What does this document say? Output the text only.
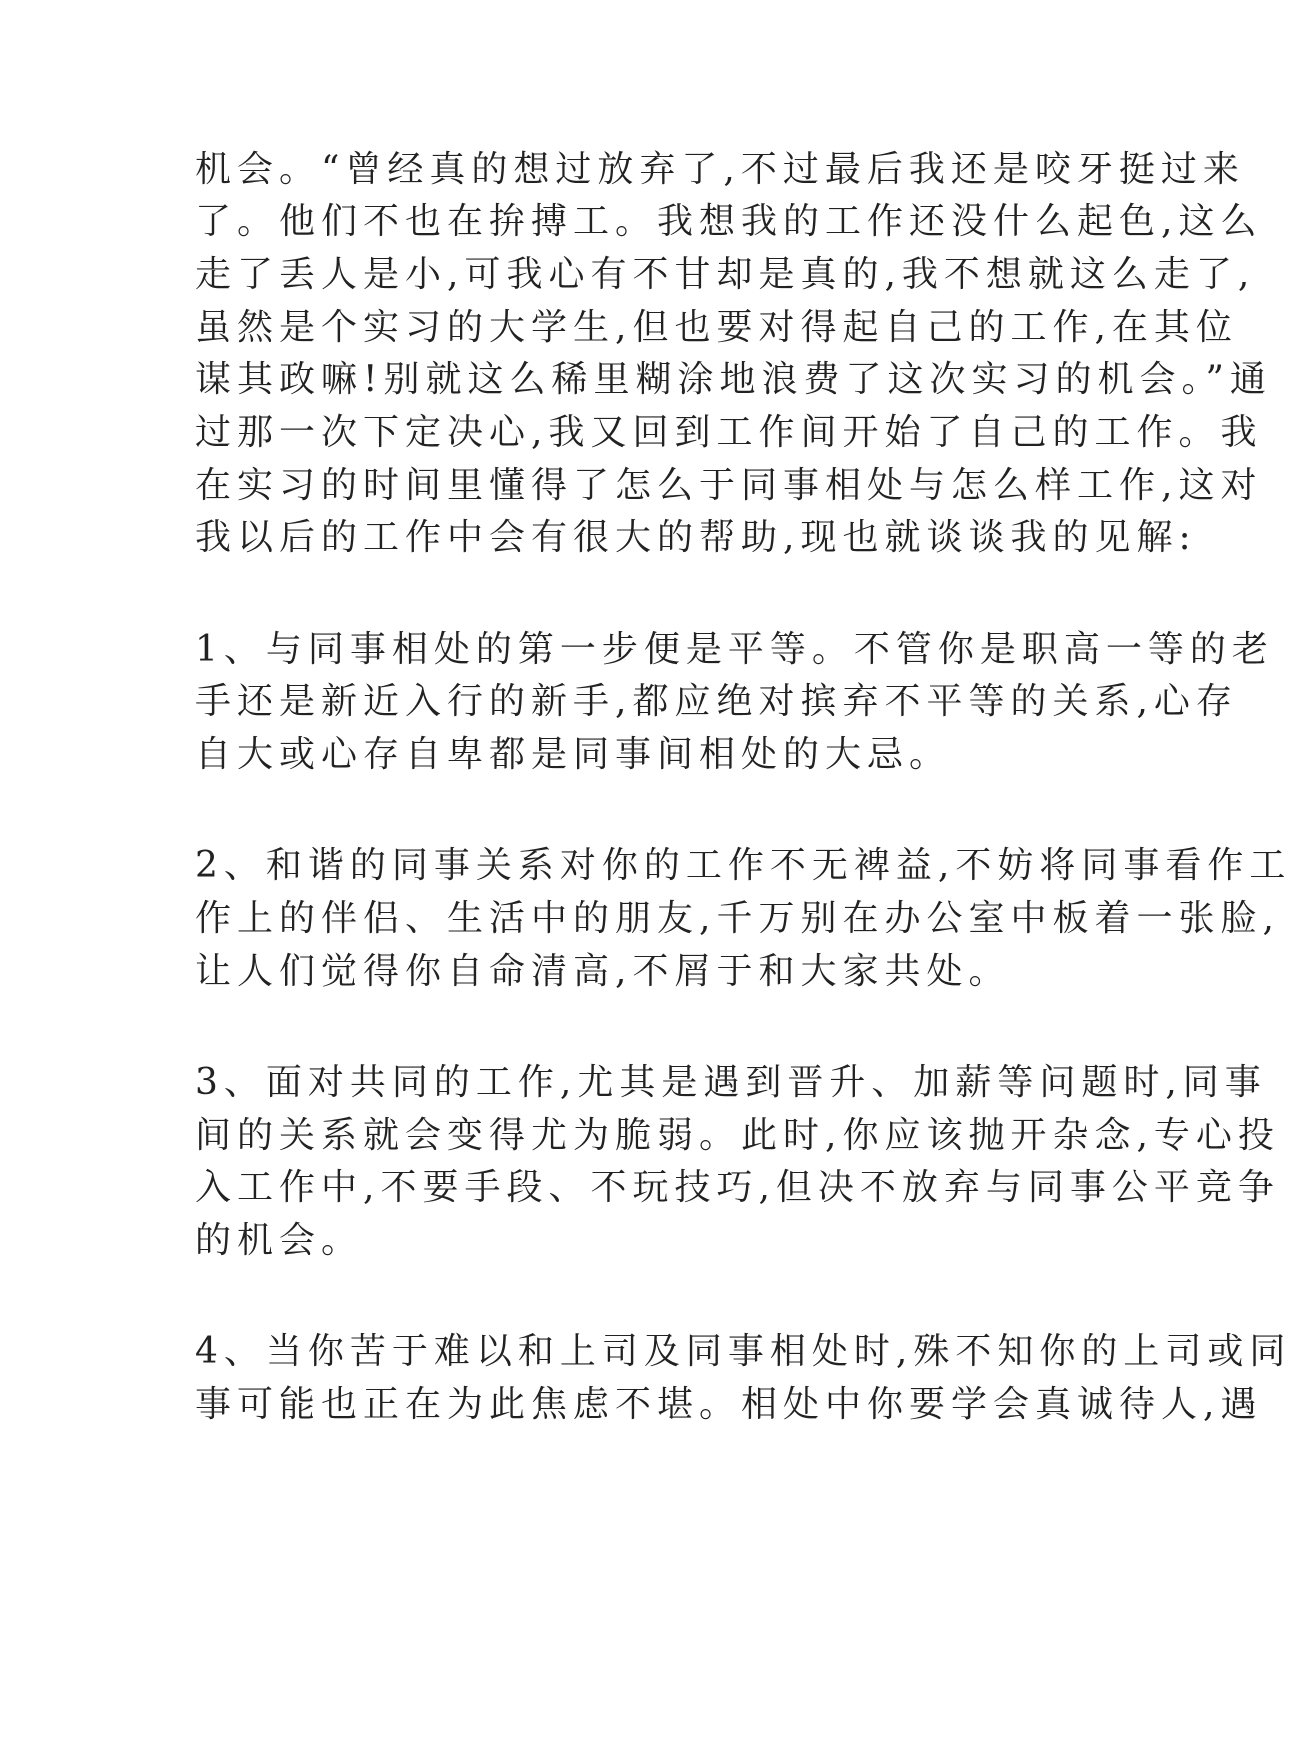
机会。“曾经真的想过放弃了,不过最后我还是咬牙挺过来
了。他们不也在拚搏工。我想我的工作还没什么起色,这么
走了丢人是小,可我心有不甘却是真的,我不想就这么走了,
虽然是个实习的大学生,但也要对得起自己的工作,在其位
谋其政嘛!别就这么稀里糊涂地浪费了这次实习的机会。”通
过那一次下定决心,我又回到工作间开始了自己的工作。我
在实习的时间里懂得了怎么于同事相处与怎么样工作,这对
我以后的工作中会有很大的帮助,现也就谈谈我的见解:
1、与同事相处的第一步便是平等。不管你是职高一等的老
手还是新近入行的新手,都应绝对摈弃不平等的关系,心存
自大或心存自卑都是同事间相处的大忌。
2、和谐的同事关系对你的工作不无裨益,不妨将同事看作工
作上的伴侣、生活中的朋友,千万别在办公室中板着一张脸,
让人们觉得你自命清高,不屑于和大家共处。
3、面对共同的工作,尤其是遇到晋升、加薪等问题时,同事
间的关系就会变得尤为脆弱。此时,你应该抛开杂念,专心投
入工作中,不要手段、不玩技巧,但决不放弃与同事公平竞争
的机会。
4、当你苦于难以和上司及同事相处时,殊不知你的上司或同
事可能也正在为此焦虑不堪。相处中你要学会真诚待人,遇
